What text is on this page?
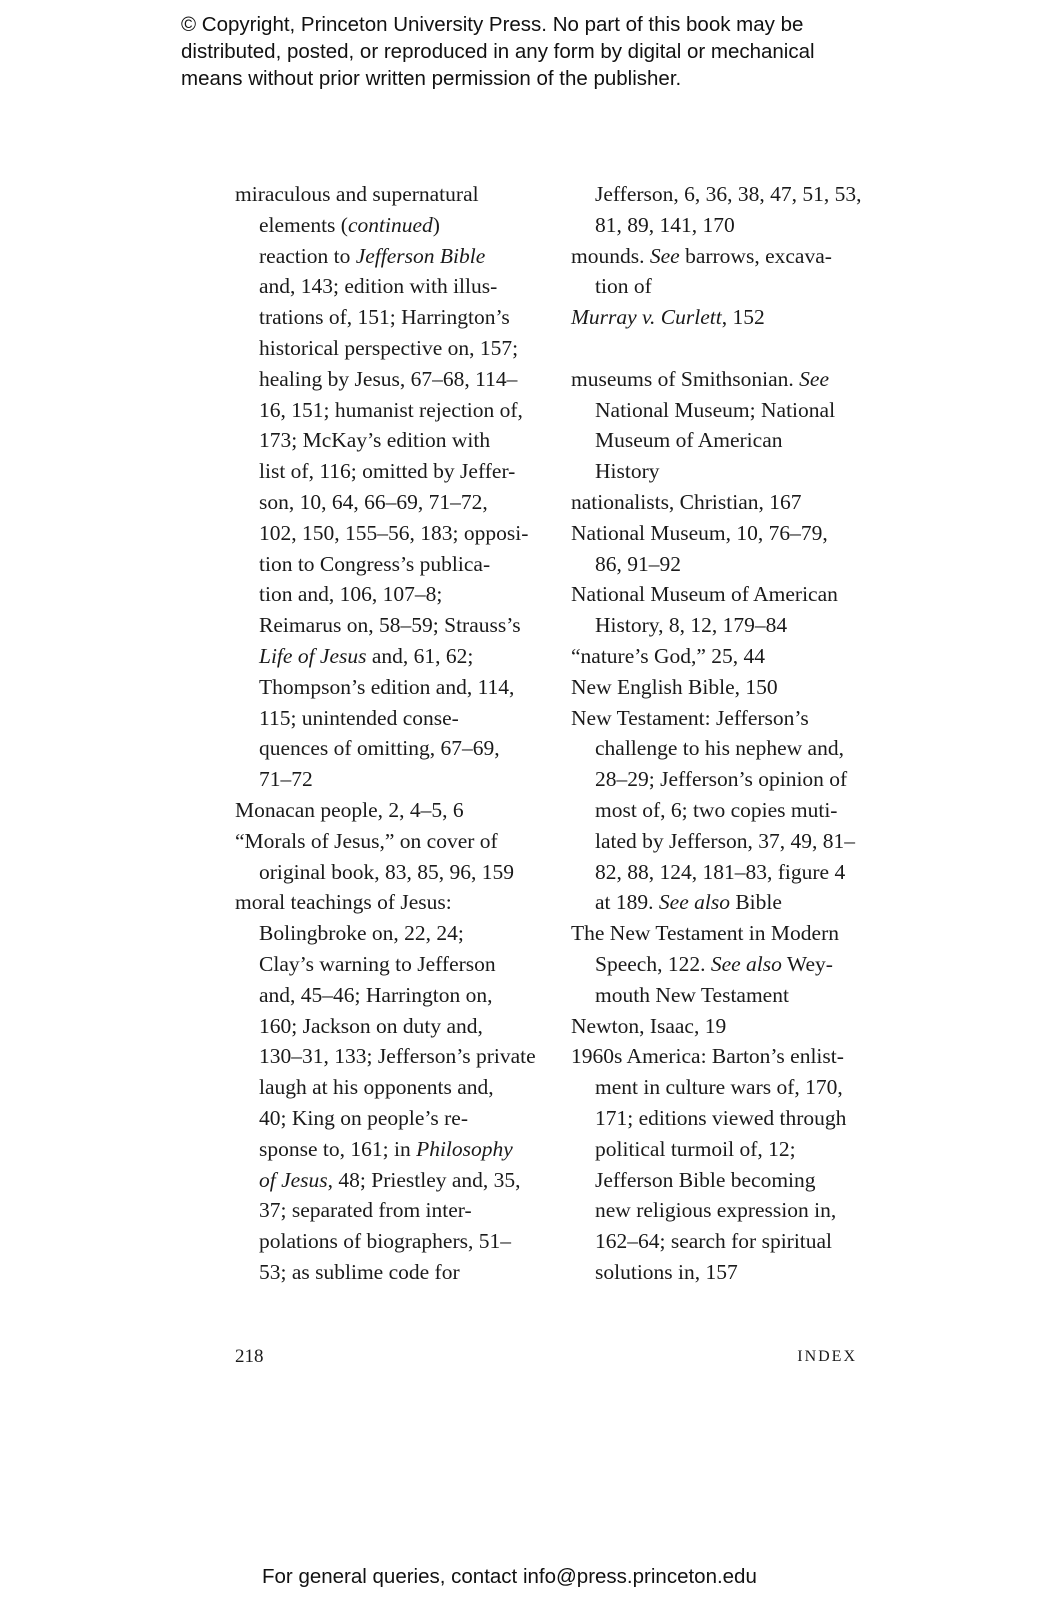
© Copyright, Princeton University Press. No part of this book may be
distributed, posted, or reproduced in any form by digital or mechanical
means without prior written permission of the publisher.
miraculous and supernatural
elements (continued)
reaction to Jefferson Bible
and, 143; edition with illus-
trations of, 151; Harrington’s
historical perspective on, 157;
healing by Jesus, 67–68, 114–
16, 151; humanist rejection of,
173; McKay’s edition with
list of, 116; omitted by Jeffer-
son, 10, 64, 66–69, 71–72,
102, 150, 155–56, 183; opposi-
tion to Congress’s publica-
tion and, 106, 107–8;
Reimarus on, 58–59; Strauss’s
Life of Jesus and, 61, 62;
Thompson’s edition and, 114,
115; unintended conse-
quences of omitting, 67–69,
71–72
Monacan people, 2, 4–5, 6
“Morals of Jesus,” on cover of
original book, 83, 85, 96, 159
moral teachings of Jesus:
Bolingbroke on, 22, 24;
Clay’s warning to Jefferson
and, 45–46; Harrington on,
160; Jackson on duty and,
130–31, 133; Jefferson’s private
laugh at his opponents and,
40; King on people’s re-
sponse to, 161; in Philosophy
of Jesus, 48; Priestley and, 35,
37; separated from inter-
polations of biographers, 51–
53; as sublime code for
Jefferson, 6, 36, 38, 47, 51, 53,
81, 89, 141, 170
mounds. See barrows, excava-
tion of
Murray v. Curlett, 152
museums of Smithsonian. See
National Museum; National
Museum of American
History
nationalists, Christian, 167
National Museum, 10, 76–79,
86, 91–92
National Museum of American
History, 8, 12, 179–84
“nature’s God,” 25, 44
New English Bible, 150
New Testament: Jefferson’s
challenge to his nephew and,
28–29; Jefferson’s opinion of
most of, 6; two copies muti-
lated by Jefferson, 37, 49, 81–
82, 88, 124, 181–83, figure 4
at 189. See also Bible
The New Testament in Modern
Speech, 122. See also Wey-
mouth New Testament
Newton, Isaac, 19
1960s America: Barton’s enlist-
ment in culture wars of, 170,
171; editions viewed through
political turmoil of, 12;
Jefferson Bible becoming
new religious expression in,
162–64; search for spiritual
solutions in, 157
218	INDEX
For general queries, contact info@press.princeton.edu
